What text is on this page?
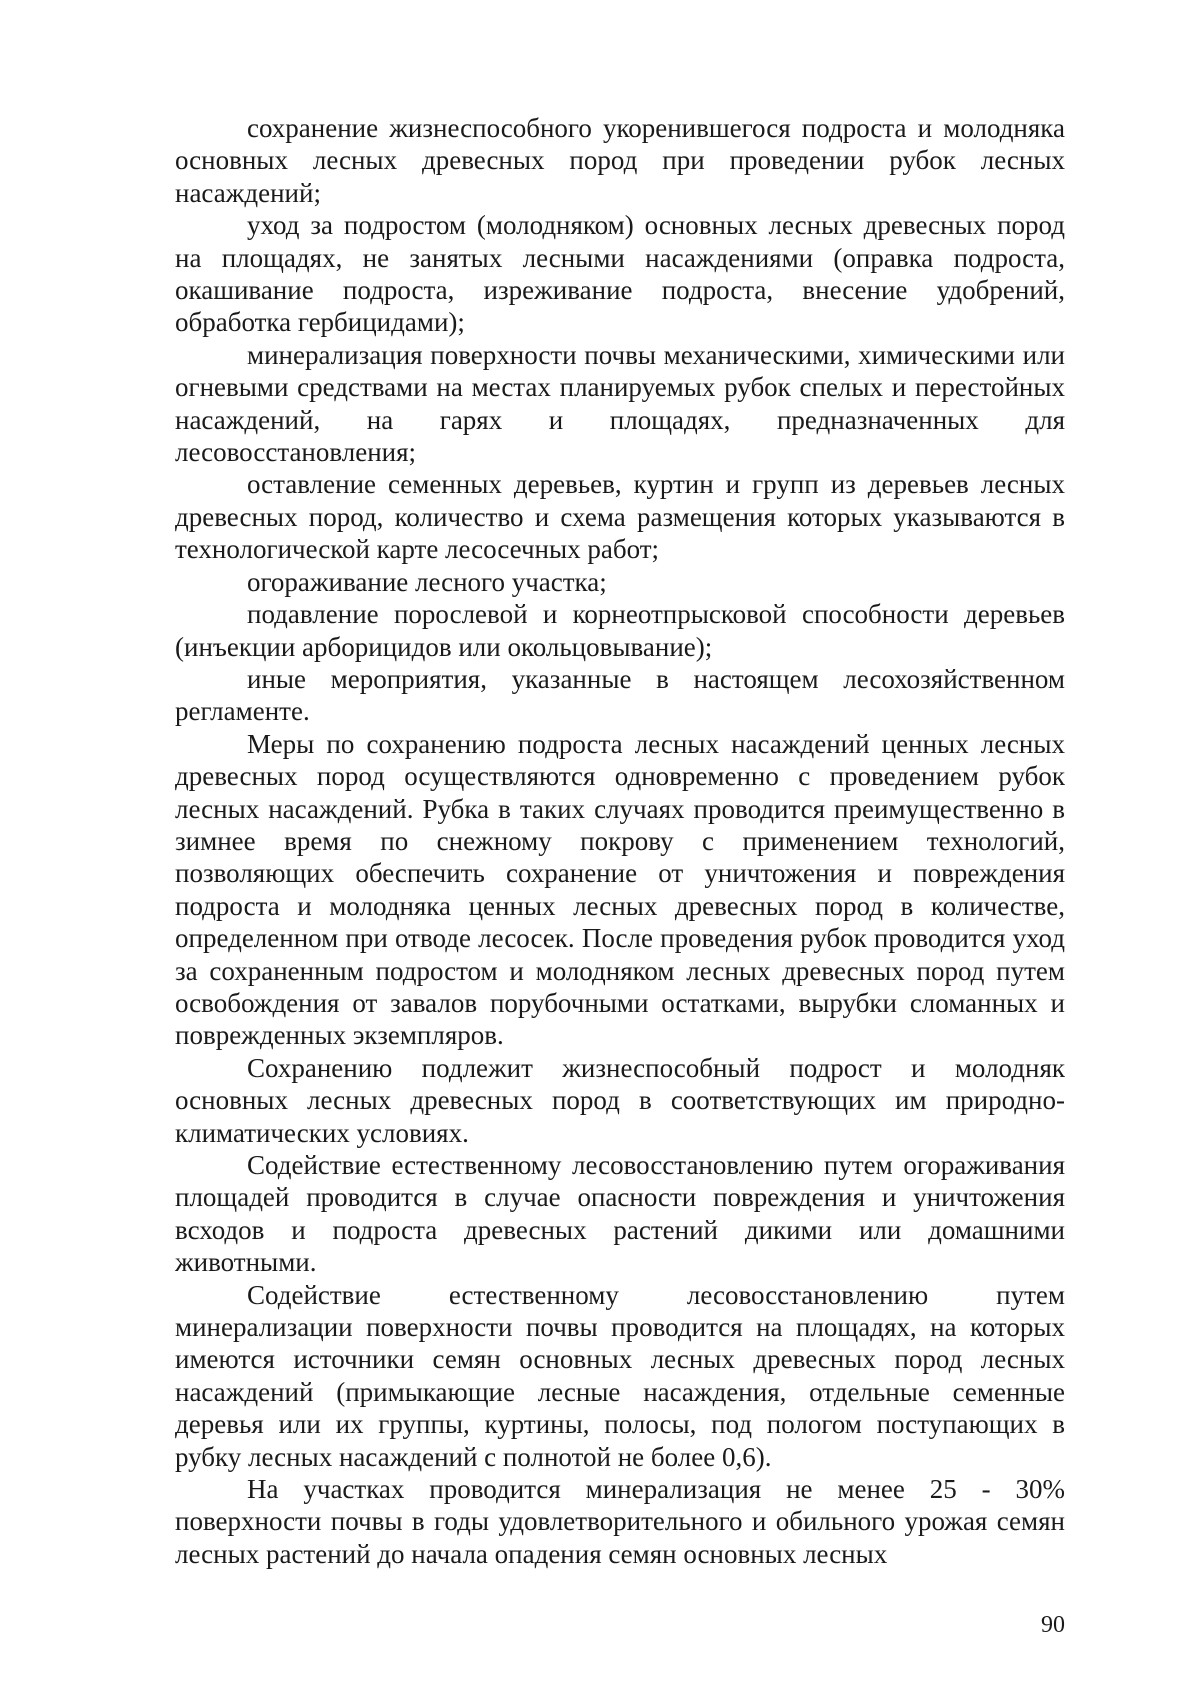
сохранение жизнеспособного укоренившегося подроста и молодняка основных лесных древесных пород при проведении рубок лесных насаждений;

уход за подростом (молодняком) основных лесных древесных пород на площадях, не занятых лесными насаждениями (оправка подроста, окашивание подроста, изреживание подроста, внесение удобрений, обработка гербицидами);

минерализация поверхности почвы механическими, химическими или огневыми средствами на местах планируемых рубок спелых и перестойных насаждений, на гарях и площадях, предназначенных для лесовосстановления;

оставление семенных деревьев, куртин и групп из деревьев лесных древесных пород, количество и схема размещения которых указываются в технологической карте лесосечных работ;

огораживание лесного участка;

подавление порослевой и корнеотпрысковой способности деревьев (инъекции арборицидов или окольцовывание);

иные мероприятия, указанные в настоящем лесохозяйственном регламенте.

Меры по сохранению подроста лесных насаждений ценных лесных древесных пород осуществляются одновременно с проведением рубок лесных насаждений. Рубка в таких случаях проводится преимущественно в зимнее время по снежному покрову с применением технологий, позволяющих обеспечить сохранение от уничтожения и повреждения подроста и молодняка ценных лесных древесных пород в количестве, определенном при отводе лесосек. После проведения рубок проводится уход за сохраненным подростом и молодняком лесных древесных пород путем освобождения от завалов порубочными остатками, вырубки сломанных и поврежденных экземпляров.

Сохранению подлежит жизнеспособный подрост и молодняк основных лесных древесных пород в соответствующих им природно-климатических условиях.

Содействие естественному лесовосстановлению путем огораживания площадей проводится в случае опасности повреждения и уничтожения всходов и подроста древесных растений дикими или домашними животными.

Содействие естественному лесовосстановлению путем минерализации поверхности почвы проводится на площадях, на которых имеются источники семян основных лесных древесных пород лесных насаждений (примыкающие лесные насаждения, отдельные семенные деревья или их группы, куртины, полосы, под пологом поступающих в рубку лесных насаждений с полнотой не более 0,6).

На участках проводится минерализация не менее 25 - 30% поверхности почвы в годы удовлетворительного и обильного урожая семян лесных растений до начала опадения семян основных лесных

90
